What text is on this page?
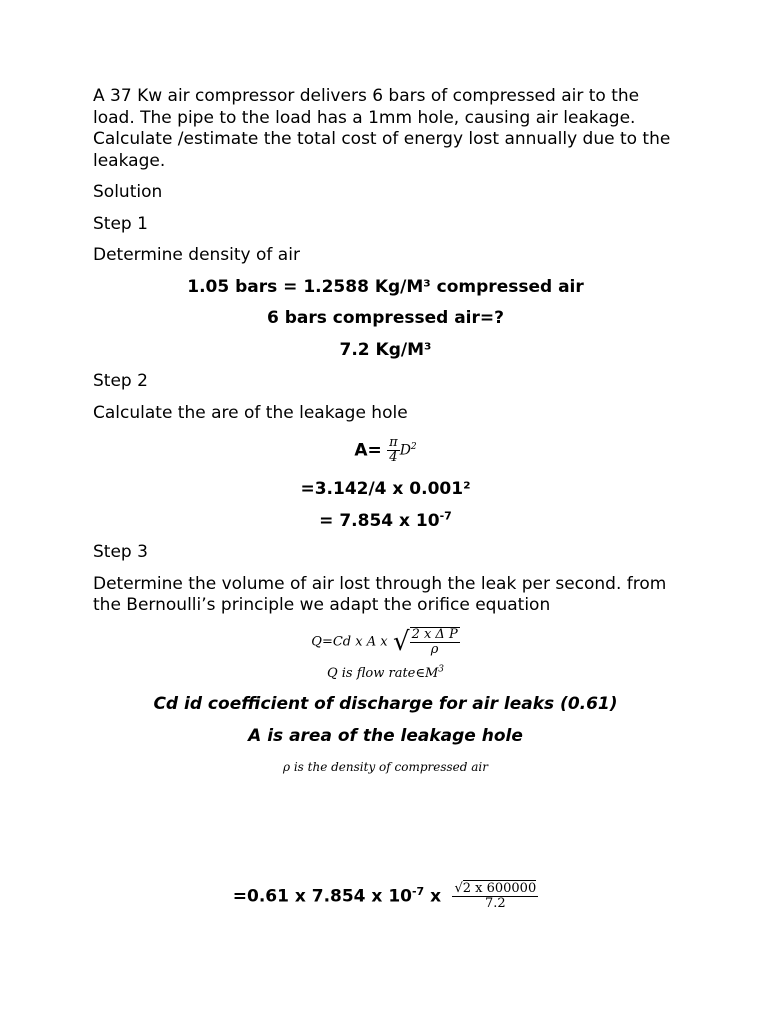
A 37 Kw air compressor delivers 6 bars of compressed air to the load. The pipe to the load has a 1mm hole, causing air leakage. Calculate /estimate the total cost of energy lost annually due to the leakage.

Solution

Step 1

Determine density of air

1.05 bars = 1.2588 Kg/M³ compressed air

6 bars compressed air=?

7.2 Kg/M³

Step 2

Calculate the are of the leakage hole

$A= \frac{\pi}{4} D^2$

=3.142/4 x 0.001²

= 7.854 x $10^{-7}$

Step 3

Determine the volume of air lost through the leak per second. from the Bernoulli’s principle we adapt the orifice equation

Q=Cd x A x √ $\frac{\text{2 x Δ P}}{\rho}$

Q is flow $rate\in M^3$

Cd id coefficient of discharge for air leaks (0.61)

A is area of the leakage hole

ρ is the density of compressed air

=0.61 x 7.854 x $10^{-7}$ x $\frac{√2 x 600000}{7.2}$
